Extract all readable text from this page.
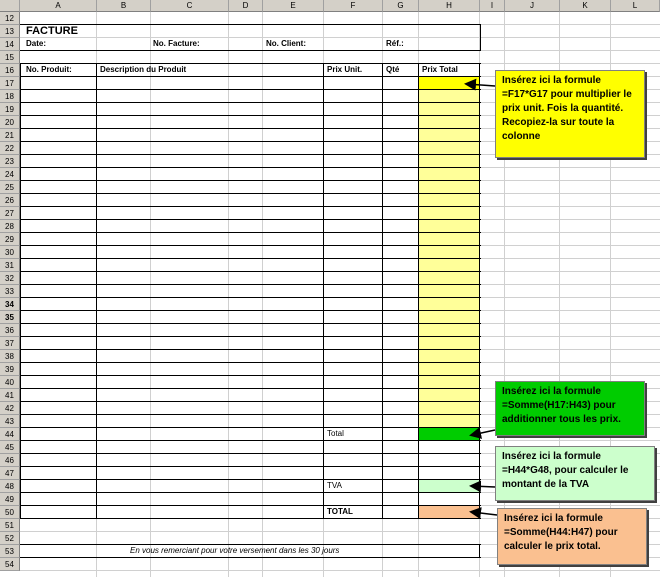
A	B	C	D	E	F	G	H	I	J	K	L
12
13
14
15
16
17
18
19
20
21
22
23
24
25
26
27
28
29
30
31
32
33
34
35
36
37
38
39
40
41
42
43
44
45
46
47
48
49
50
51
52
53
54
FACTURE
Date:	No. Facture:	No. Client:	Réf.:
No. Produit:	Description du Produit	Prix Unit.	Qté	Prix Total
Total
TVA
TOTAL
En vous remerciant pour votre versement dans les 30 jours
Insérez ici la formule =F17*G17 pour multiplier le prix unit. Fois la quantité. Recopiez-la sur toute la colonne
Insérez ici la formule =Somme(H17:H43) pour additionner tous les prix.
Insérez ici la formule =H44*G48, pour calculer le montant de la TVA
Insérez ici la formule =Somme(H44:H47) pour calculer le prix total.
